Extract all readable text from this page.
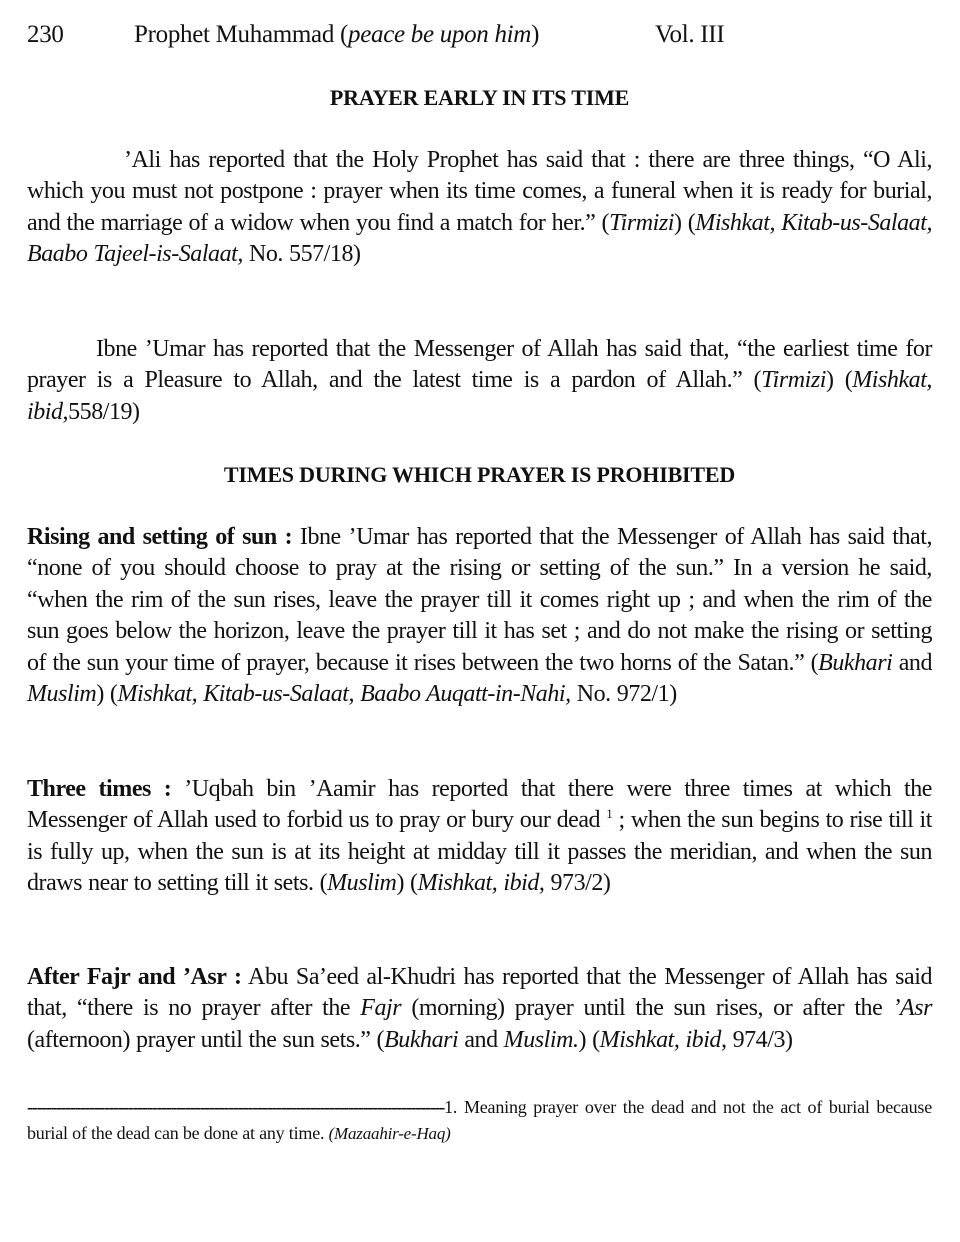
230	Prophet Muhammad (peace be upon him)	Vol. III
PRAYER EARLY IN ITS TIME
’Ali has reported that the Holy Prophet has said that : there are three things, “O Ali, which you must not postpone : prayer when its time comes, a funeral when it is ready for burial, and the marriage of a widow when you find a match for her.” (Tirmizi) (Mishkat, Kitab-us-Salaat, Baabo Tajeel-is-Salaat, No. 557/18)
Ibne ’Umar has reported that the Messenger of Allah has said that, “the earliest time for prayer is a Pleasure to Allah, and the latest time is a pardon of Allah.” (Tirmizi) (Mishkat, ibid,558/19)
TIMES DURING WHICH PRAYER IS PROHIBITED
Rising and setting of sun : Ibne ’Umar has reported that the Messenger of Allah has said that, “none of you should choose to pray at the rising or setting of the sun.” In a version he said, “when the rim of the sun rises, leave the prayer till it comes right up ; and when the rim of the sun goes below the horizon, leave the prayer till it has set ; and do not make the rising or setting of the sun your time of prayer, because it rises between the two horns of the Satan.” (Bukhari and Muslim) (Mishkat, Kitab-us-Salaat, Baabo Auqatt-in-Nahi, No. 972/1)
Three times : ’Uqbah bin ’Aamir has reported that there were three times at which the Messenger of Allah used to forbid us to pray or bury our dead $^1$ ; when the sun begins to rise till it is fully up, when the sun is at its height at midday till it passes the meridian, and when the sun draws near to setting till it sets. (Muslim) (Mishkat, ibid, 973/2)
After Fajr and ’Asr : Abu Sa’eed al-Khudri has reported that the Messenger of Allah has said that, “there is no prayer after the Fajr (morning) prayer until the sun rises, or after the ’Asr (afternoon) prayer until the sun sets.” (Bukhari and Muslim.) (Mishkat, ibid, 974/3)
---------------------------------------------------------------------------------------1. Meaning prayer over the dead and not the act of burial because burial of the dead can be done at any time. (Mazaahir-e-Haq)
